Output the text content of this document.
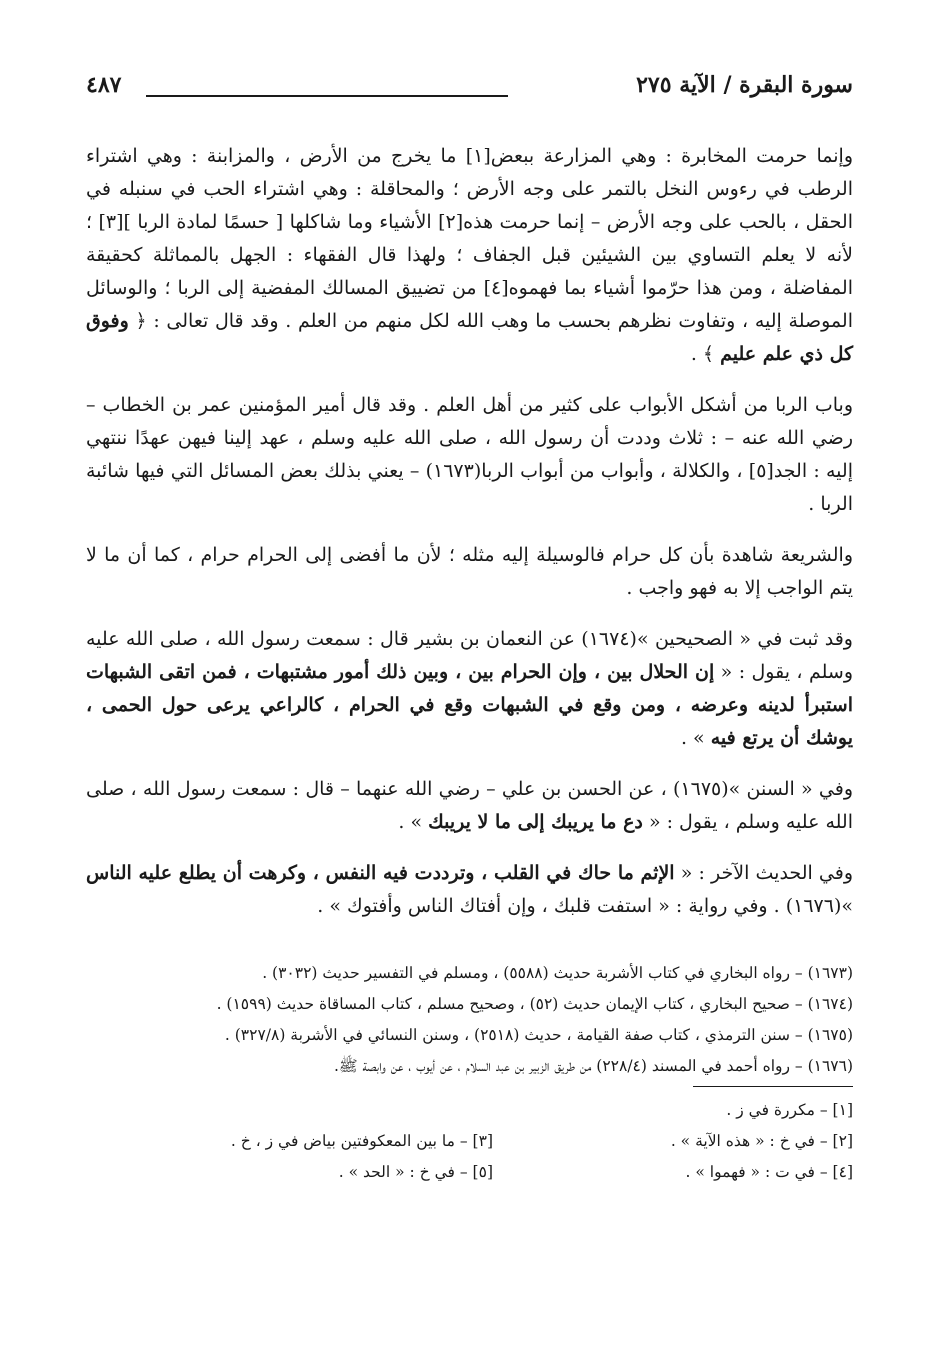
سورة البقرة / الآية ٢٧٥
٤٨٧

وإنما حرمت المخابرة : وهي المزارعة ببعض[١] ما يخرج من الأرض ، والمزابنة : وهي اشتراء الرطب في رءوس النخل بالتمر على وجه الأرض ؛ والمحاقلة : وهي اشتراء الحب في سنبله في الحقل ، بالحب على وجه الأرض – إنما حرمت هذه[٢] الأشياء وما شاكلها [ حسمًا لمادة الربا ][٣] ؛ لأنه لا يعلم التساوي بين الشيئين قبل الجفاف ؛ ولهذا قال الفقهاء : الجهل بالمماثلة كحقيقة المفاضلة ، ومن هذا حرّموا أشياء بما فهموه[٤] من تضييق المسالك المفضية إلى الربا ؛ والوسائل الموصلة إليه ، وتفاوت نظرهم بحسب ما وهب الله لكل منهم من العلم . وقد قال تعالى : ﴿ وفوق كل ذي علم عليم ﴾ .

وباب الربا من أشكل الأبواب على كثير من أهل العلم . وقد قال أمير المؤمنين عمر بن الخطاب – رضي الله عنه – : ثلاث وددت أن رسول الله ، صلى الله عليه وسلم ، عهد إلينا فيهن عهدًا ننتهي إليه : الجد[٥] ، والكلالة ، وأبواب من أبواب الربا(١٦٧٣) – يعني بذلك بعض المسائل التي فيها شائبة الربا .

والشريعة شاهدة بأن كل حرام فالوسيلة إليه مثله ؛ لأن ما أفضى إلى الحرام حرام ، كما أن ما لا يتم الواجب إلا به فهو واجب .

وقد ثبت في « الصحيحين »(١٦٧٤) عن النعمان بن بشير قال : سمعت رسول الله ، صلى الله عليه وسلم ، يقول : « إن الحلال بين ، وإن الحرام بين ، وبين ذلك أمور مشتبهات ، فمن اتقى الشبهات استبرأ لدينه وعرضه ، ومن وقع في الشبهات وقع في الحرام ، كالراعي يرعى حول الحمى ، يوشك أن يرتع فيه » .

وفي « السنن »(١٦٧٥) ، عن الحسن بن علي – رضي الله عنهما – قال : سمعت رسول الله ، صلى الله عليه وسلم ، يقول : « دع ما يريبك إلى ما لا يريبك » .

وفي الحديث الآخر : « الإثم ما حاك في القلب ، وترددت فيه النفس ، وكرهت أن يطلع عليه الناس »(١٦٧٦) . وفي رواية : « استفت قلبك ، وإن أفتاك الناس وأفتوك » .

(١٦٧٣) – رواه البخاري في كتاب الأشربة حديث (٥٥٨٨) ، ومسلم في التفسير حديث (٣٠٣٢) .

(١٦٧٤) – صحيح البخاري ، كتاب الإيمان حديث (٥٢) ، وصحيح مسلم ، كتاب المساقاة حديث (١٥٩٩) .

(١٦٧٥) – سنن الترمذي ، كتاب صفة القيامة ، حديث (٢٥١٨) ، وسنن النسائي في الأشربة (٣٢٧/٨) .

(١٦٧٦) – رواه أحمد في المسند (٢٢٨/٤) من طريق الزبير بن عبد السلام ، عن أيوب ، عن وابصة ﷺ.

[١] – مكررة في ز .
[٢] – في خ : « هذه الآية » .
[٣] – ما بين المعكوفتين بياض في ز ، خ .
[٤] – في ت : « فهموا » .
[٥] – في خ : « الحد » .
